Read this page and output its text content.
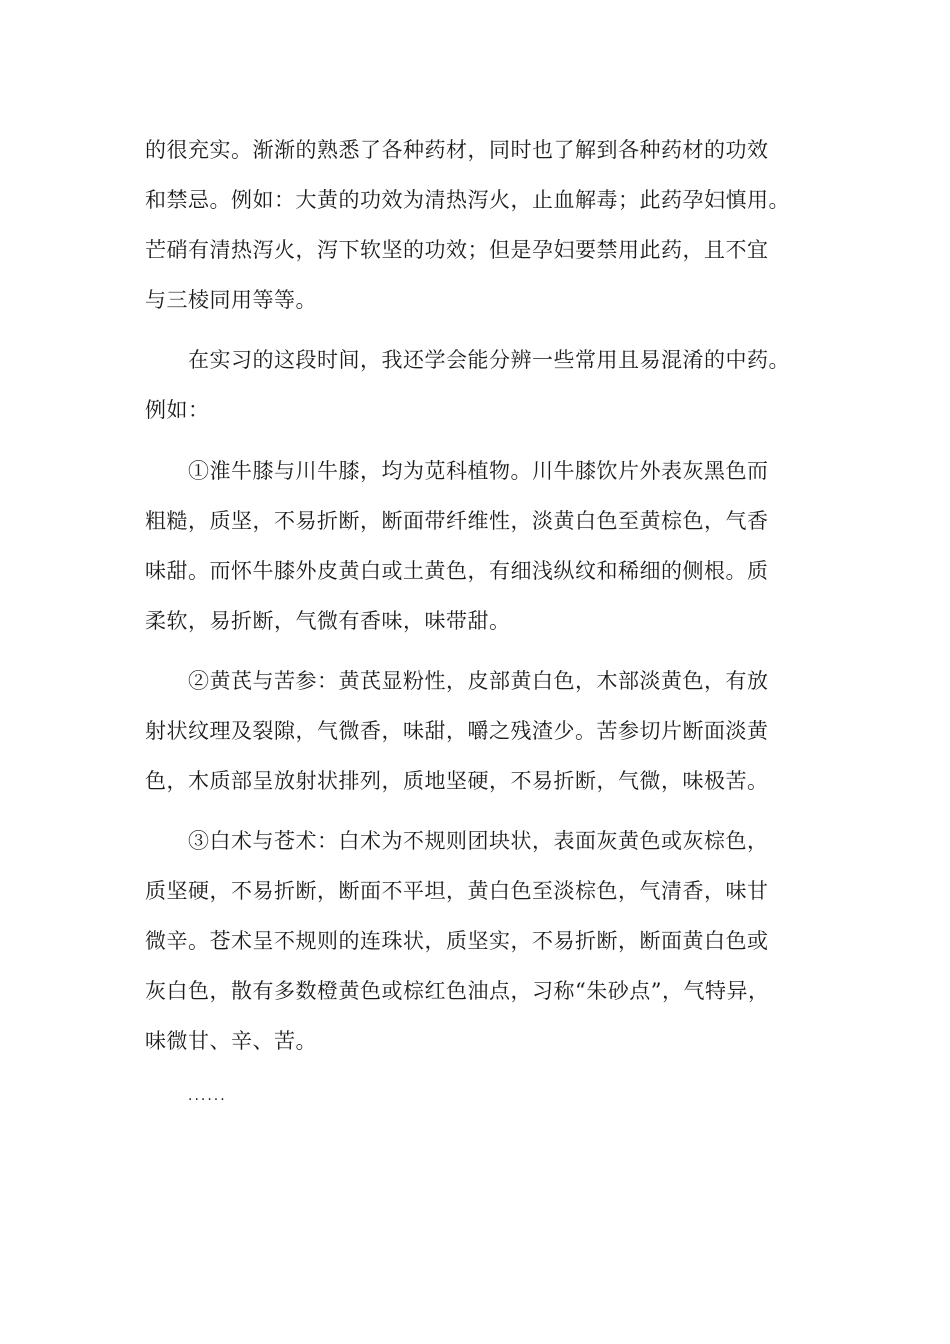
的很充实。渐渐的熟悉了各种药材，同时也了解到各种药材的功效
和禁忌。例如：大黄的功效为清热泻火，止血解毒；此药孕妇慎用。
芒硝有清热泻火，泻下软坚的功效；但是孕妇要禁用此药，且不宜
与三棱同用等等。
在实习的这段时间，我还学会能分辨一些常用且易混淆的中药。
例如：
①淮牛膝与川牛膝，均为苋科植物。川牛膝饮片外表灰黑色而
粗糙，质坚，不易折断，断面带纤维性，淡黄白色至黄棕色，气香
味甜。而怀牛膝外皮黄白或土黄色，有细浅纵纹和稀细的侧根。质
柔软，易折断，气微有香味，味带甜。
②黄芪与苦参：黄芪显粉性，皮部黄白色，木部淡黄色，有放
射状纹理及裂隙，气微香，味甜，嚼之残渣少。苦参切片断面淡黄
色，木质部呈放射状排列，质地坚硬，不易折断，气微，味极苦。
③白术与苍术：白术为不规则团块状，表面灰黄色或灰棕色，
质坚硬，不易折断，断面不平坦，黄白色至淡棕色，气清香，味甘
微辛。苍术呈不规则的连珠状，质坚实，不易折断，断面黄白色或
灰白色，散有多数橙黄色或棕红色油点，习称“朱砂点”，气特异，
味微甘、辛、苦。
······
